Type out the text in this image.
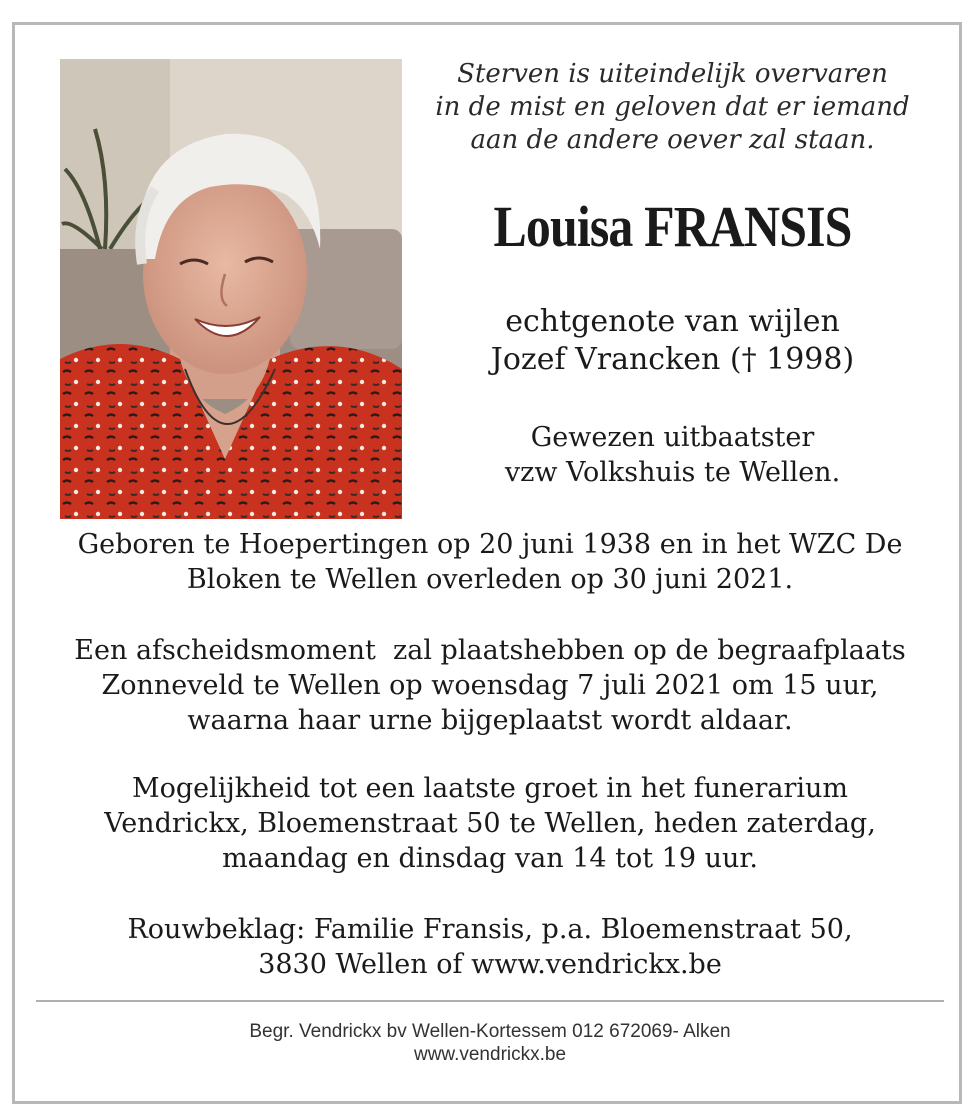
Sterven is uiteindelijk overvaren
in de mist en geloven dat er iemand
aan de andere oever zal staan.
Louisa FRANSIS
echtgenote van wijlen
Jozef Vrancken († 1998)
Gewezen uitbaatster
vzw Volkshuis te Wellen.
Geboren te Hoepertingen op 20 juni 1938 en in het WZC De
Bloken te Wellen overleden op 30 juni 2021.
Een afscheidsmoment  zal plaatshebben op de begraafplaats
Zonneveld te Wellen op woensdag 7 juli 2021 om 15 uur,
waarna haar urne bijgeplaatst wordt aldaar.
Mogelijkheid tot een laatste groet in het funerarium
Vendrickx, Bloemenstraat 50 te Wellen, heden zaterdag,
maandag en dinsdag van 14 tot 19 uur.
Rouwbeklag: Familie Fransis, p.a. Bloemenstraat 50,
3830 Wellen of www.vendrickx.be
Begr. Vendrickx bv Wellen-Kortessem 012 672069- Alken
www.vendrickx.be
